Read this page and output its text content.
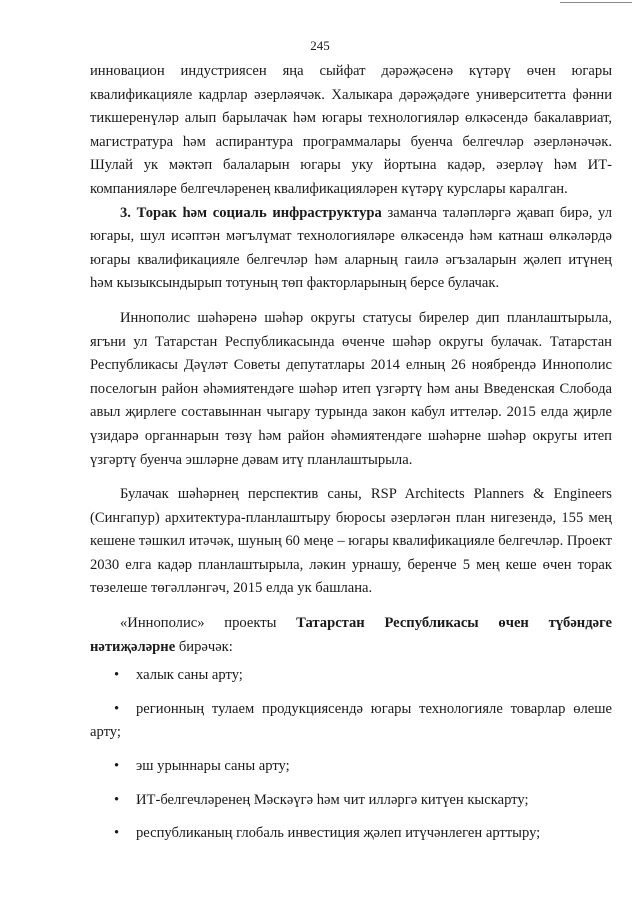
245

инновацион индустриясен яңа сыйфат дәрәҗәсенә күтәрү өчен югары квалификацияле кадрлар әзерләячәк. Халыкара дәрәҗәдәге университетта фәнни тикшеренүләр алып барылачак һәм югары технологияләр өлкәсендә бакалавриат, магистратура һәм аспирантура программалары буенча белгечләр әзерләнәчәк. Шулай ук мәктәп балаларын югары уку йортына кадәр, әзерләү һәм ИТ-компанияләре белгечләренең квалификацияләрен күтәрү курслары каралган.

3. Торак һәм социаль инфраструктура заманча таләпләргә җавап бирә, ул югары, шул исәптән мәгълүмат технологияләре өлкәсендә һәм катнаш өлкәләрдә югары квалификацияле белгечләр һәм аларның гаилә әгъзаларын җәлеп итүнең һәм кызыксындырып тотуның төп факторларының берсе булачак.

Иннополис шәһәренә шәһәр округы статусы бирелер дип планлаштырыла, ягъни ул Татарстан Республикасында өченче шәһәр округы булачак. Татарстан Республикасы Дәүләт Советы депутатлары 2014 елның 26 ноябрендә Иннополис поселогын район әһәмиятендәге шәһәр итеп үзгәртү һәм аны Введенская Слобода авыл җирлеге составыннан чыгару турында закон кабул иттеләр. 2015 елда җирле үзидарә органнарын төзү һәм район әһәмиятендәге шәһәрне шәһәр округы итеп үзгәртү буенча эшләрне дәвам итү планлаштырыла.

Булачак шәһәрнең перспектив саны, RSP Architects Planners & Engineers (Сингапур) архитектура-планлаштыру бюросы әзерләгән план нигезендә, 155 мең кешене тәшкил итәчәк, шуның 60 меңе – югары квалификацияле белгечләр. Проект 2030 елга кадәр планлаштырыла, ләкин урнашу, беренче 5 мең кеше өчен торак төзелеше төгәлләнгәч, 2015 елда ук башлана.

«Иннополис» проекты Татарстан Республикасы өчен түбәндәге нәтиҗәләрне бирәчәк:

• халык саны арту;
• регионның тулаем продукциясендә югары технологияле товарлар өлеше арту;
• эш урыннары саны арту;
• ИТ-белгечләренең Мәскәүгә һәм чит илләргә китүен кыскарту;
• республиканың глобаль инвестиция җәлеп итүчәнлеген арттыру;
